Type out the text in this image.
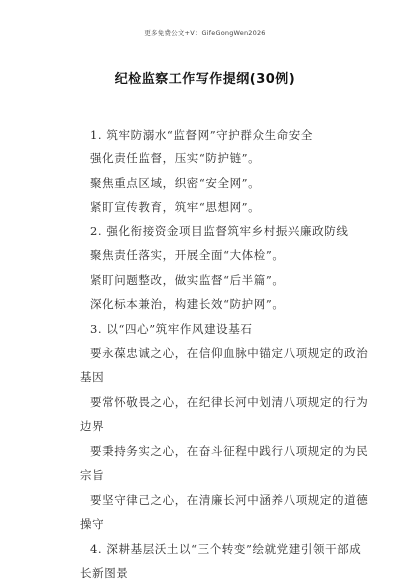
更多免费公文+V：GifeGongWen2026
纪检监察工作写作提纲(30例)
1. 筑牢防溺水“监督网”守护群众生命安全
强化责任监督，压实“防护链”。
聚焦重点区域，织密“安全网”。
紧盯宣传教育，筑牢“思想网”。
2. 强化衔接资金项目监督筑牢乡村振兴廉政防线
聚焦责任落实，开展全面“大体检”。
紧盯问题整改，做实监督“后半篇”。
深化标本兼治，构建长效“防护网”。
3. 以“四心”筑牢作风建设基石
要永葆忠诚之心，在信仰血脉中锚定八项规定的政治
基因
要常怀敬畏之心，在纪律长河中划清八项规定的行为
边界
要秉持务实之心，在奋斗征程中践行八项规定的为民
宗旨
要坚守律己之心，在清廉长河中涵养八项规定的道德
操守
4. 深耕基层沃土以“三个转变”绘就党建引领干部成
长新图景
